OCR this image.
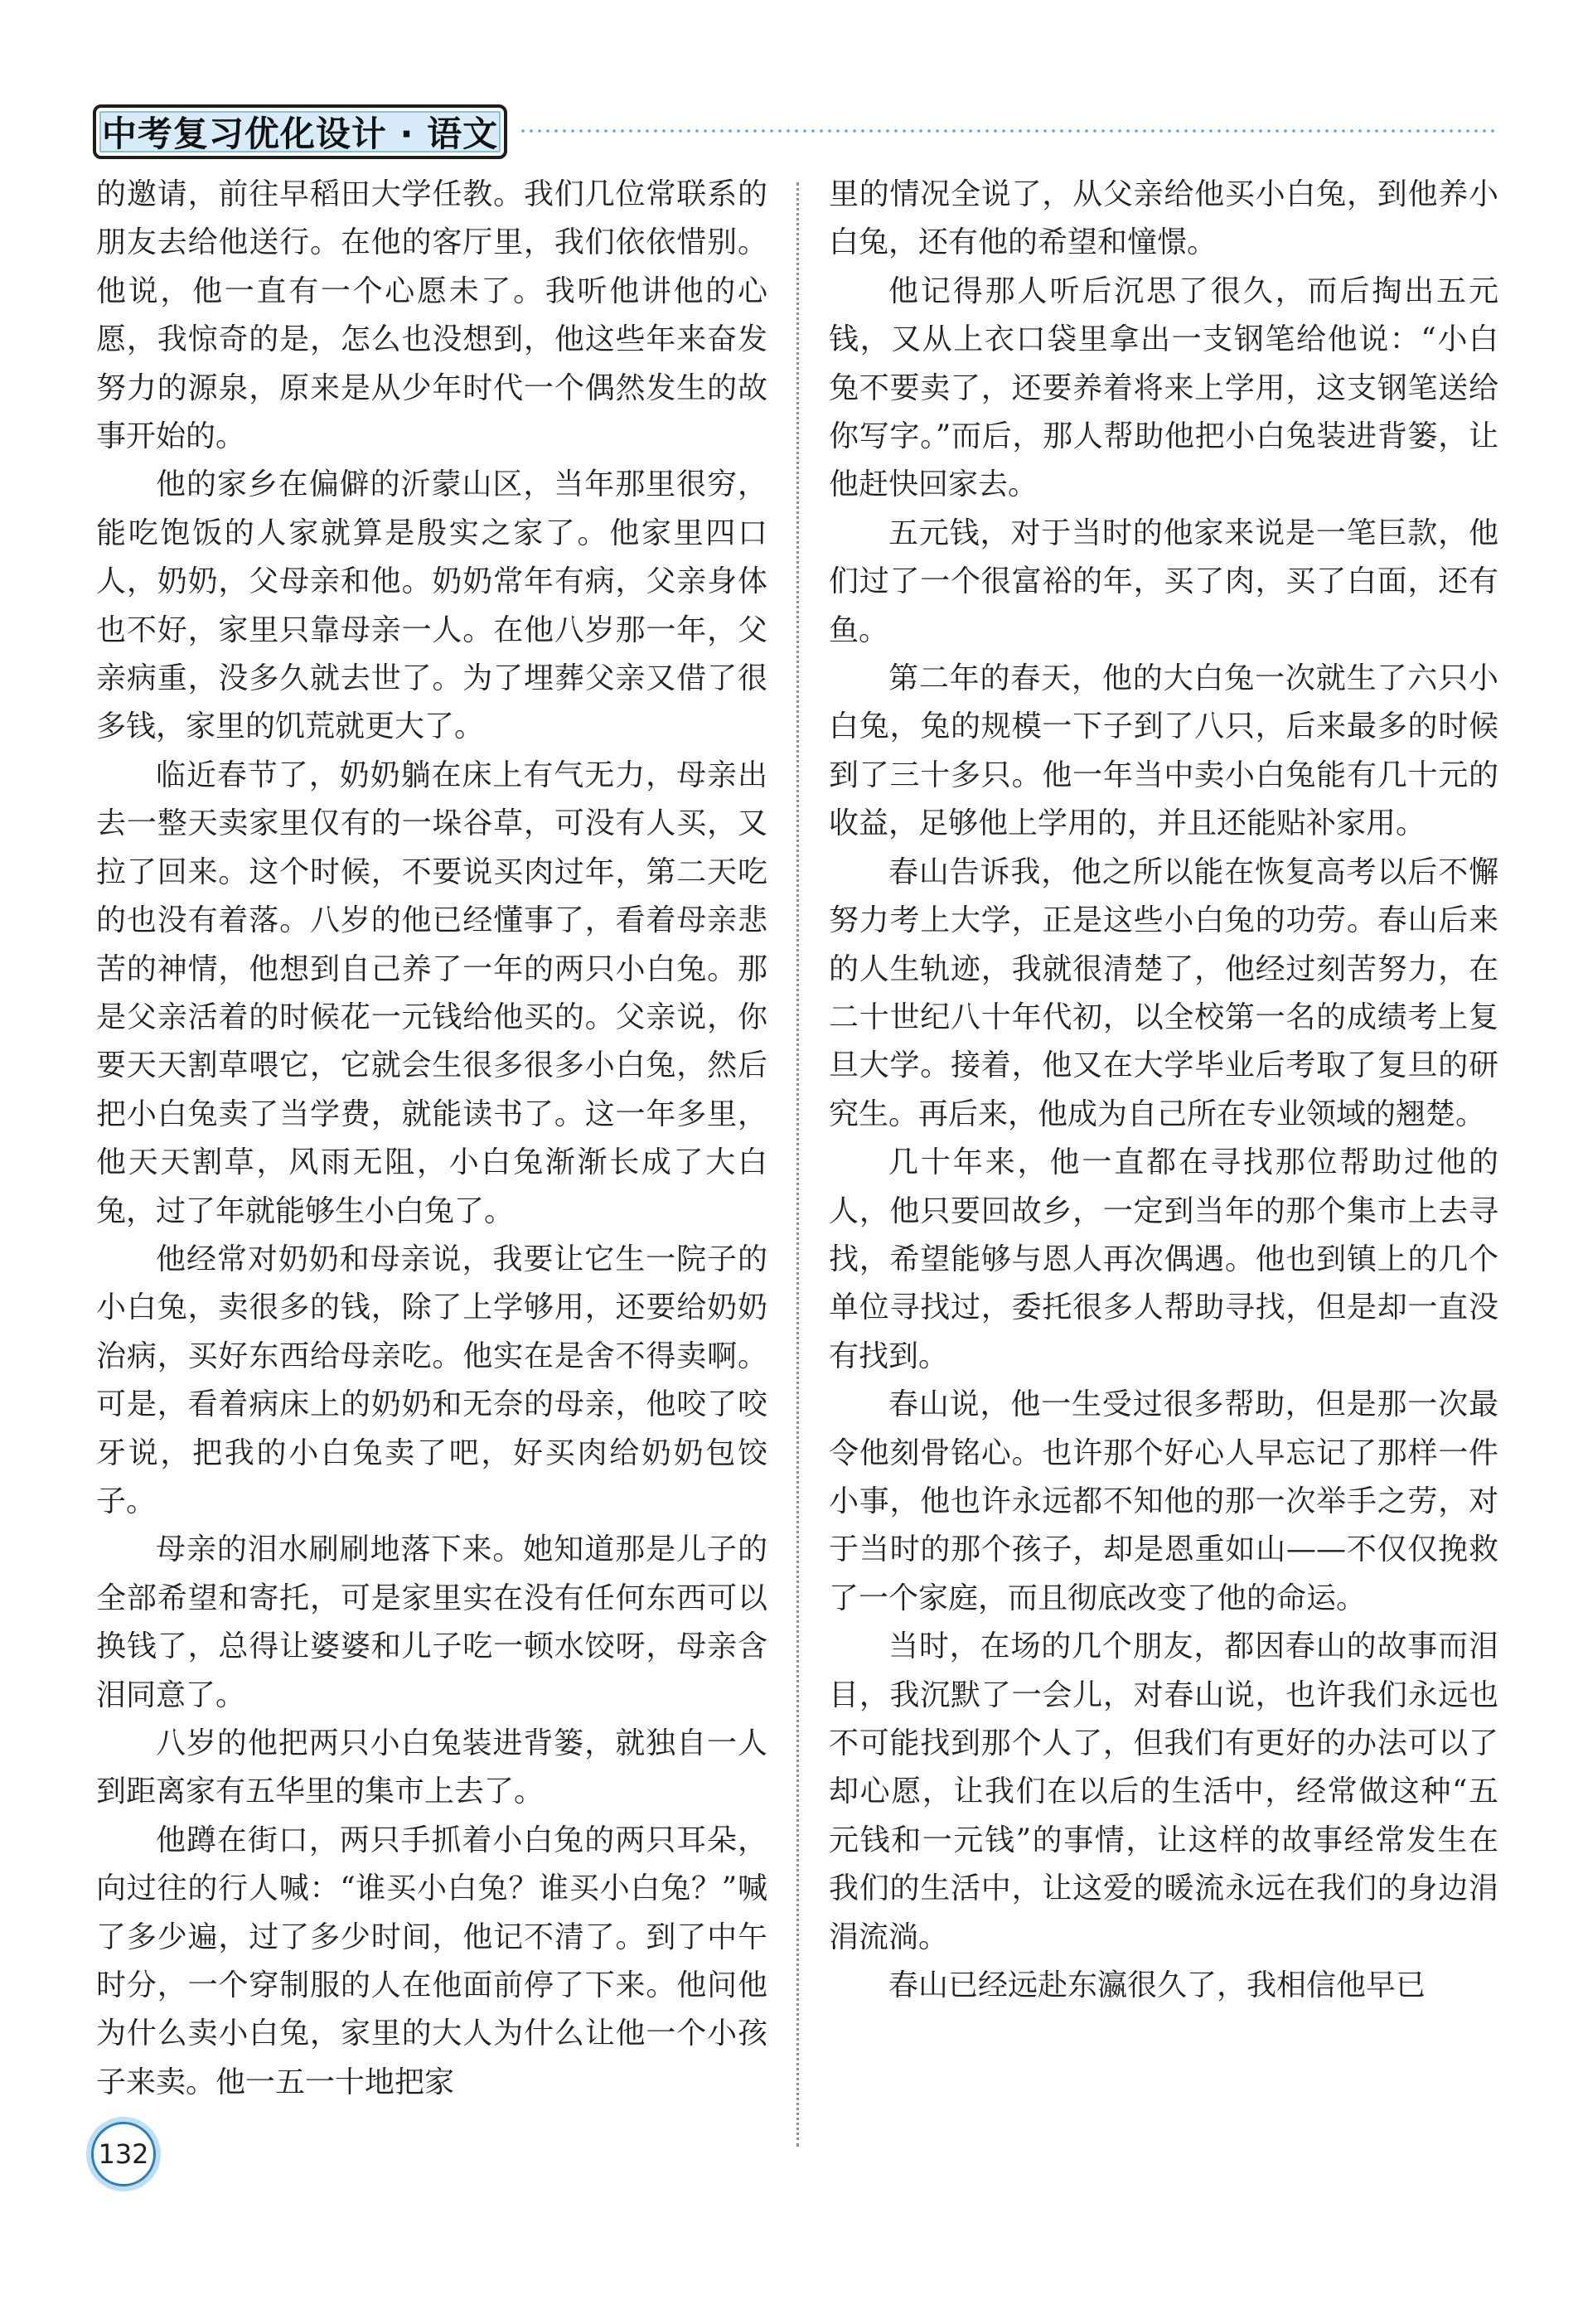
中考复习优化设计 · 语文

的邀请，前往早稻田大学任教。我们几位常联系的朋友去给他送行。在他的客厅里，我们依依惜别。他说，他一直有一个心愿未了。我听他讲他的心愿，我惊奇的是，怎么也没想到，他这些年来奋发努力的源泉，原来是从少年时代一个偶然发生的故事开始的。

他的家乡在偏僻的沂蒙山区，当年那里很穷，能吃饱饭的人家就算是殷实之家了。他家里四口人，奶奶，父母亲和他。奶奶常年有病，父亲身体也不好，家里只靠母亲一人。在他八岁那一年，父亲病重，没多久就去世了。为了埋葬父亲又借了很多钱，家里的饥荒就更大了。

临近春节了，奶奶躺在床上有气无力，母亲出去一整天卖家里仅有的一垛谷草，可没有人买，又拉了回来。这个时候，不要说买肉过年，第二天吃的也没有着落。八岁的他已经懂事了，看着母亲悲苦的神情，他想到自己养了一年的两只小白兔。那是父亲活着的时候花一元钱给他买的。父亲说，你要天天割草喂它，它就会生很多很多小白兔，然后把小白兔卖了当学费，就能读书了。这一年多里，他天天割草，风雨无阻，小白兔渐渐长成了大白兔，过了年就能够生小白兔了。

他经常对奶奶和母亲说，我要让它生一院子的小白兔，卖很多的钱，除了上学够用，还要给奶奶治病，买好东西给母亲吃。他实在是舍不得卖啊。可是，看着病床上的奶奶和无奈的母亲，他咬了咬牙说，把我的小白兔卖了吧，好买肉给奶奶包饺子。

母亲的泪水刷刷地落下来。她知道那是儿子的全部希望和寄托，可是家里实在没有任何东西可以换钱了，总得让婆婆和儿子吃一顿水饺呀，母亲含泪同意了。

八岁的他把两只小白兔装进背篓，就独自一人到距离家有五华里的集市上去了。

他蹲在街口，两只手抓着小白兔的两只耳朵，向过往的行人喊：“谁买小白兔？谁买小白兔？”喊了多少遍，过了多少时间，他记不清了。到了中午时分，一个穿制服的人在他面前停了下来。他问他为什么卖小白兔，家里的大人为什么让他一个小孩子来卖。他一五一十地把家

里的情况全说了，从父亲给他买小白兔，到他养小白兔，还有他的希望和憧憬。

他记得那人听后沉思了很久，而后掏出五元钱，又从上衣口袋里拿出一支钢笔给他说：“小白兔不要卖了，还要养着将来上学用，这支钢笔送给你写字。”而后，那人帮助他把小白兔装进背篓，让他赶快回家去。

五元钱，对于当时的他家来说是一笔巨款，他们过了一个很富裕的年，买了肉，买了白面，还有鱼。

第二年的春天，他的大白兔一次就生了六只小白兔，兔的规模一下子到了八只，后来最多的时候到了三十多只。他一年当中卖小白兔能有几十元的收益，足够他上学用的，并且还能贴补家用。

春山告诉我，他之所以能在恢复高考以后不懈努力考上大学，正是这些小白兔的功劳。春山后来的人生轨迹，我就很清楚了，他经过刻苦努力，在二十世纪八十年代初，以全校第一名的成绩考上复旦大学。接着，他又在大学毕业后考取了复旦的研究生。再后来，他成为自己所在专业领域的翘楚。

几十年来，他一直都在寻找那位帮助过他的人，他只要回故乡，一定到当年的那个集市上去寻找，希望能够与恩人再次偶遇。他也到镇上的几个单位寻找过，委托很多人帮助寻找，但是却一直没有找到。

春山说，他一生受过很多帮助，但是那一次最令他刻骨铭心。也许那个好心人早忘记了那样一件小事，他也许永远都不知他的那一次举手之劳，对于当时的那个孩子，却是恩重如山——不仅仅挽救了一个家庭，而且彻底改变了他的命运。

当时，在场的几个朋友，都因春山的故事而泪目，我沉默了一会儿，对春山说，也许我们永远也不可能找到那个人了，但我们有更好的办法可以了却心愿，让我们在以后的生活中，经常做这种“五元钱和一元钱”的事情，让这样的故事经常发生在我们的生活中，让这爱的暖流永远在我们的身边涓涓流淌。

春山已经远赴东瀛很久了，我相信他早已

132
